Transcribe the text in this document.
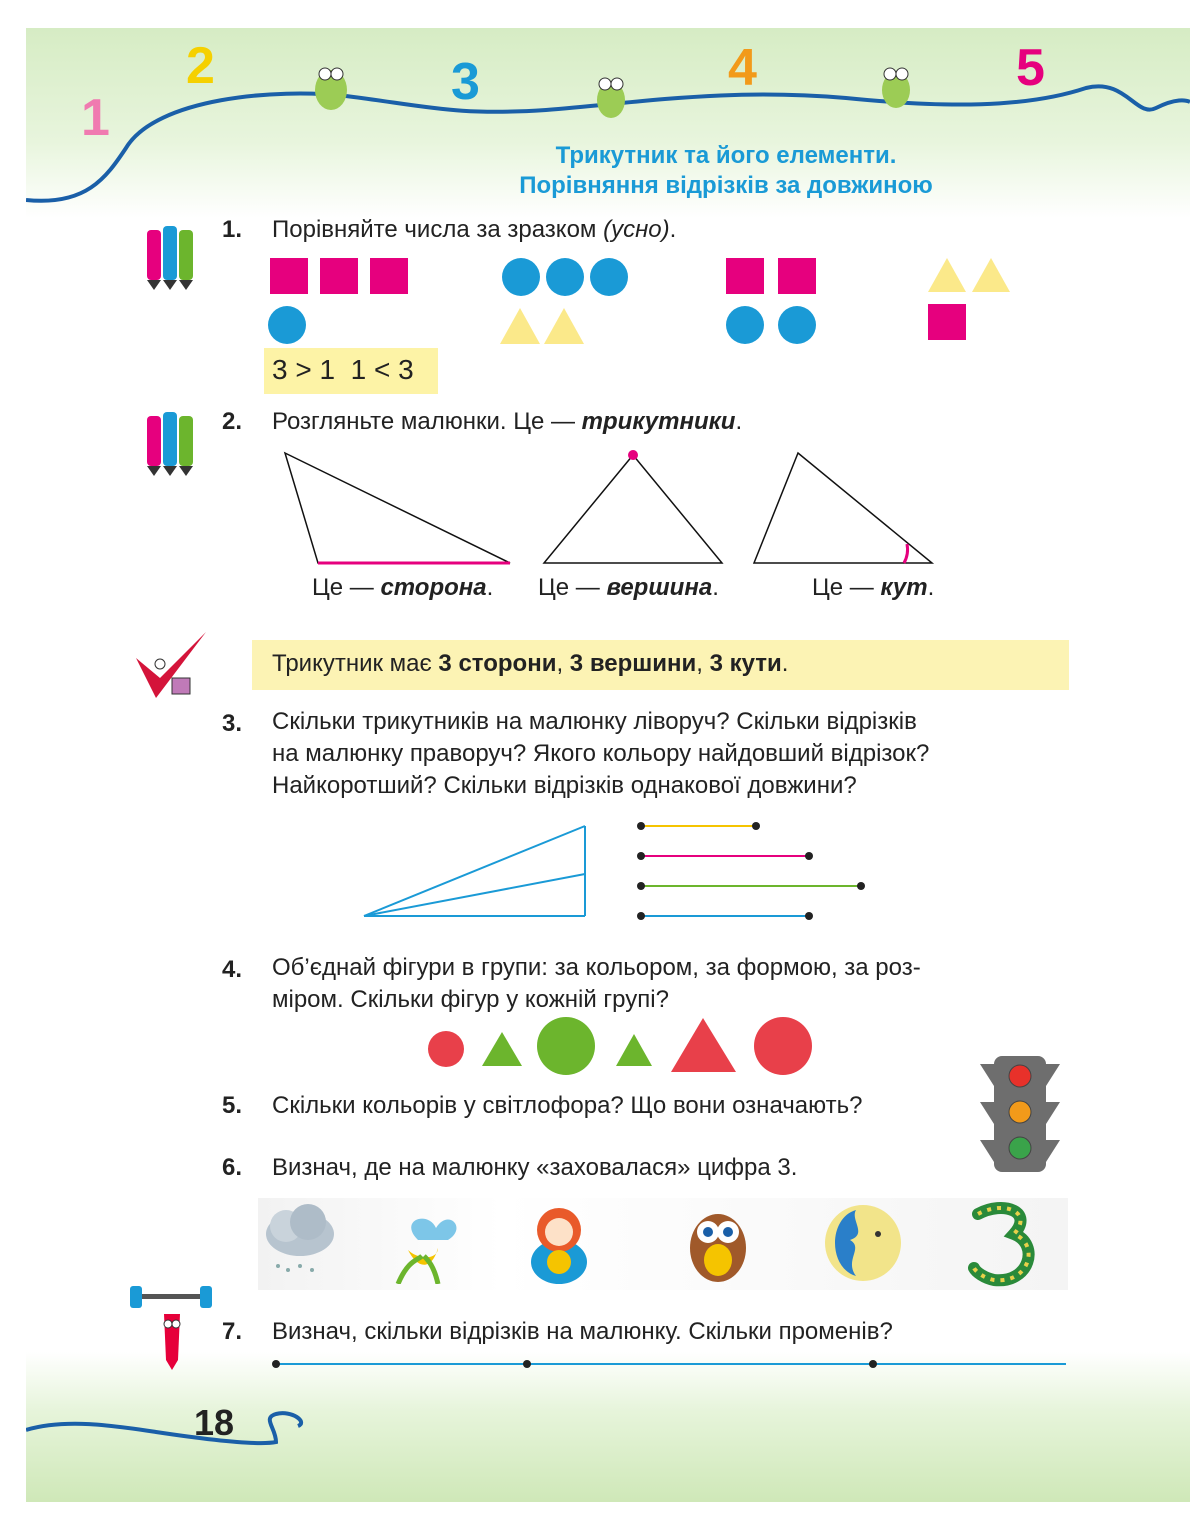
1
2	3	4	5
Трикутник та його елементи.
Порівняння відрізків за довжиною
1. Порівняйте числа за зразком (усно).
3 > 1  1 < 3
2. Розгляньте малюнки. Це — трикутники.
Це — сторона. Це — вершина.	Це — кут.
Трикутник має 3 сторони, 3 вершини, 3 кути.
3. Скільки трикутників на малюнку ліворуч? Скільки відрізків
на малюнку праворуч? Якого кольору найдовший відрізок?
Найкоротший? Скільки відрізків однакової довжини?
4. Об’єднай фігури в групи: за кольором, за формою, за роз-
міром. Скільки фігур у кожній групі?
5. Скільки кольорів у світлофора? Що вони означають?
6. Визнач, де на малюнку «заховалася» цифра 3.
7. Визнач, скільки відрізків на малюнку. Скільки променів?
18
